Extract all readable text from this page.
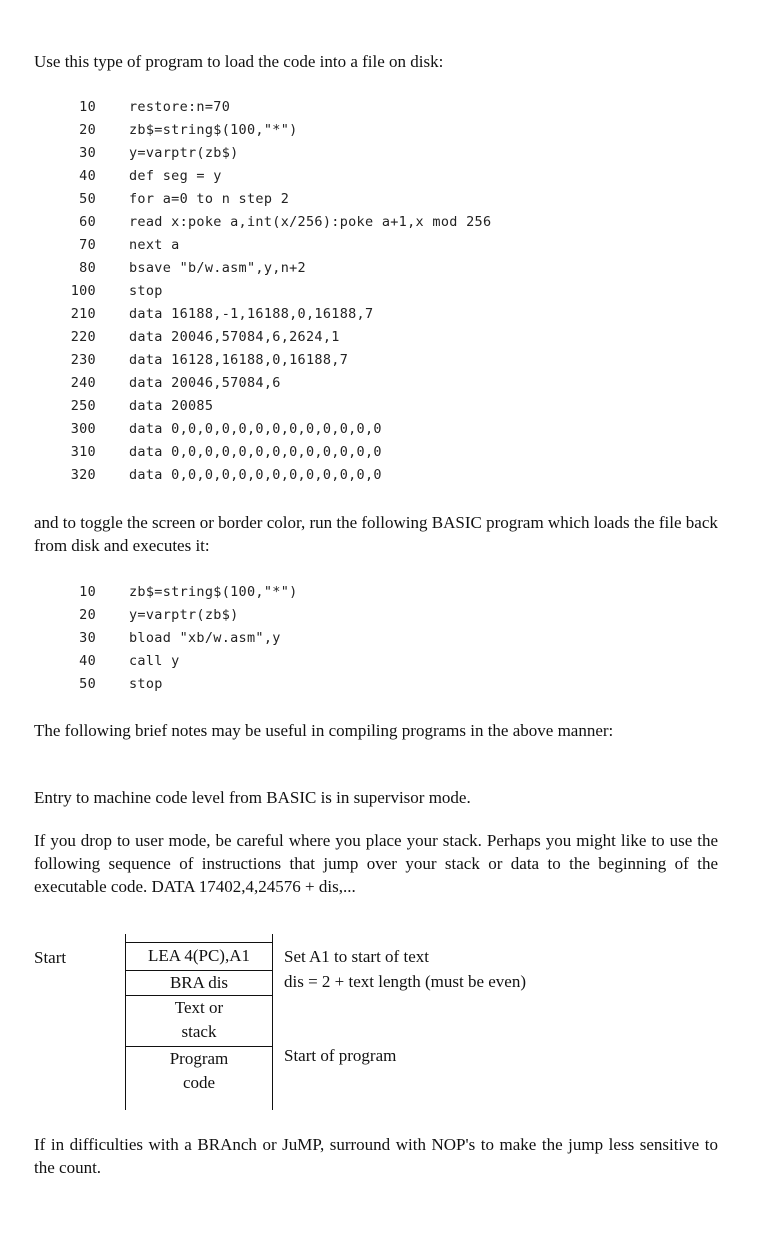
Use this type of program to load the code into a file on disk:

10 restore:n=70
20 zb$=string$(100,"*")
30 y=varptr(zb$)
40 def seg = y
50 for a=0 to n step 2
60 read x:poke a,int(x/256):poke a+1,x mod 256
70 next a
80 bsave "b/w.asm",y,n+2
100 stop
210 data 16188,-1,16188,0,16188,7
220 data 20046,57084,6,2624,1
230 data 16128,16188,0,16188,7
240 data 20046,57084,6
250 data 20085
300 data 0,0,0,0,0,0,0,0,0,0,0,0,0
310 data 0,0,0,0,0,0,0,0,0,0,0,0,0
320 data 0,0,0,0,0,0,0,0,0,0,0,0,0

and to toggle the screen or border color, run the following BASIC program which loads the file back from disk and executes it:

10 zb$=string$(100,"*")
20 y=varptr(zb$)
30 bload "xb/w.asm",y
40 call y
50 stop

The following brief notes may be useful in compiling programs in the above manner:

Entry to machine code level from BASIC is in supervisor mode.

If you drop to user mode, be careful where you place your stack. Perhaps you might like to use the following sequence of instructions that jump over your stack or data to the beginning of the executable code. DATA 17402,4,24576 + dis,...

Start	LEA 4(PC),A1
BRA dis
Text or
stack
Program
code
Set A1 to start of text
dis = 2 + text length (must be even)
Start of program

If in difficulties with a BRAnch or JuMP, surround with NOP's to make the jump less sensitive to the count.
